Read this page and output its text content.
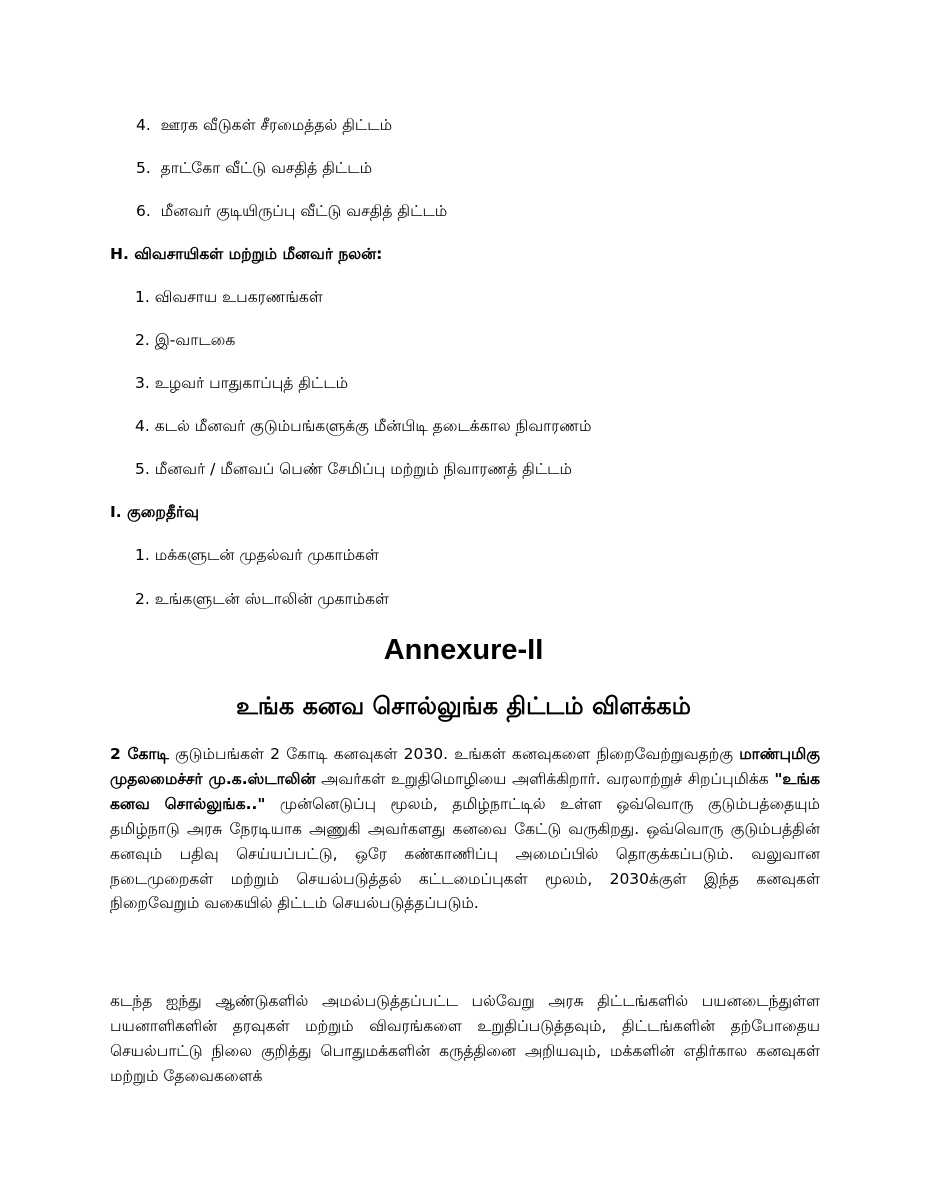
4. ஊரக வீடுகள் சீரமைத்தல் திட்டம்
5. தாட்கோ வீட்டு வசதித் திட்டம்
6. மீனவர் குடியிருப்பு வீட்டு வசதித் திட்டம்
H. விவசாயிகள் மற்றும் மீனவர் நலன்:
1. விவசாய உபகரணங்கள்
2. இ-வாடகை
3. உழவர் பாதுகாப்புத் திட்டம்
4. கடல் மீனவர் குடும்பங்களுக்கு மீன்பிடி தடைக்கால நிவாரணம்
5. மீனவர் / மீனவப் பெண் சேமிப்பு மற்றும் நிவாரணத் திட்டம்
I. குறைதீர்வு
1. மக்களுடன் முதல்வர் முகாம்கள்
2. உங்களுடன் ஸ்டாலின் முகாம்கள்
Annexure-II
உங்க கனவ சொல்லுங்க திட்டம் விளக்கம்
2 கோடி குடும்பங்கள் 2 கோடி கனவுகள் 2030. உங்கள் கனவுகளை நிறைவேற்றுவதற்கு மாண்புமிகு முதலமைச்சர் மு.க.ஸ்டாலின் அவர்கள் உறுதிமொழியை அளிக்கிறார். வரலாற்றுச் சிறப்புமிக்க "உங்க கனவ சொல்லுங்க.." முன்னெடுப்பு மூலம், தமிழ்நாட்டில் உள்ள ஒவ்வொரு குடும்பத்தையும் தமிழ்நாடு அரசு நேரடியாக அணுகி அவர்களது கனவை கேட்டு வருகிறது. ஒவ்வொரு குடும்பத்தின் கனவும் பதிவு செய்யப்பட்டு, ஒரே கண்காணிப்பு அமைப்பில் தொகுக்கப்படும். வலுவான நடைமுறைகள் மற்றும் செயல்படுத்தல் கட்டமைப்புகள் மூலம், 2030க்குள் இந்த கனவுகள் நிறைவேறும் வகையில் திட்டம் செயல்படுத்தப்படும்.
கடந்த ஐந்து ஆண்டுகளில் அமல்படுத்தப்பட்ட பல்வேறு அரசு திட்டங்களில் பயனடைந்துள்ள பயனாளிகளின் தரவுகள் மற்றும் விவரங்களை உறுதிப்படுத்தவும், திட்டங்களின் தற்போதைய செயல்பாட்டு நிலை குறித்து பொதுமக்களின் கருத்தினை அறியவும், மக்களின் எதிர்கால கனவுகள் மற்றும் தேவைகளைக்
